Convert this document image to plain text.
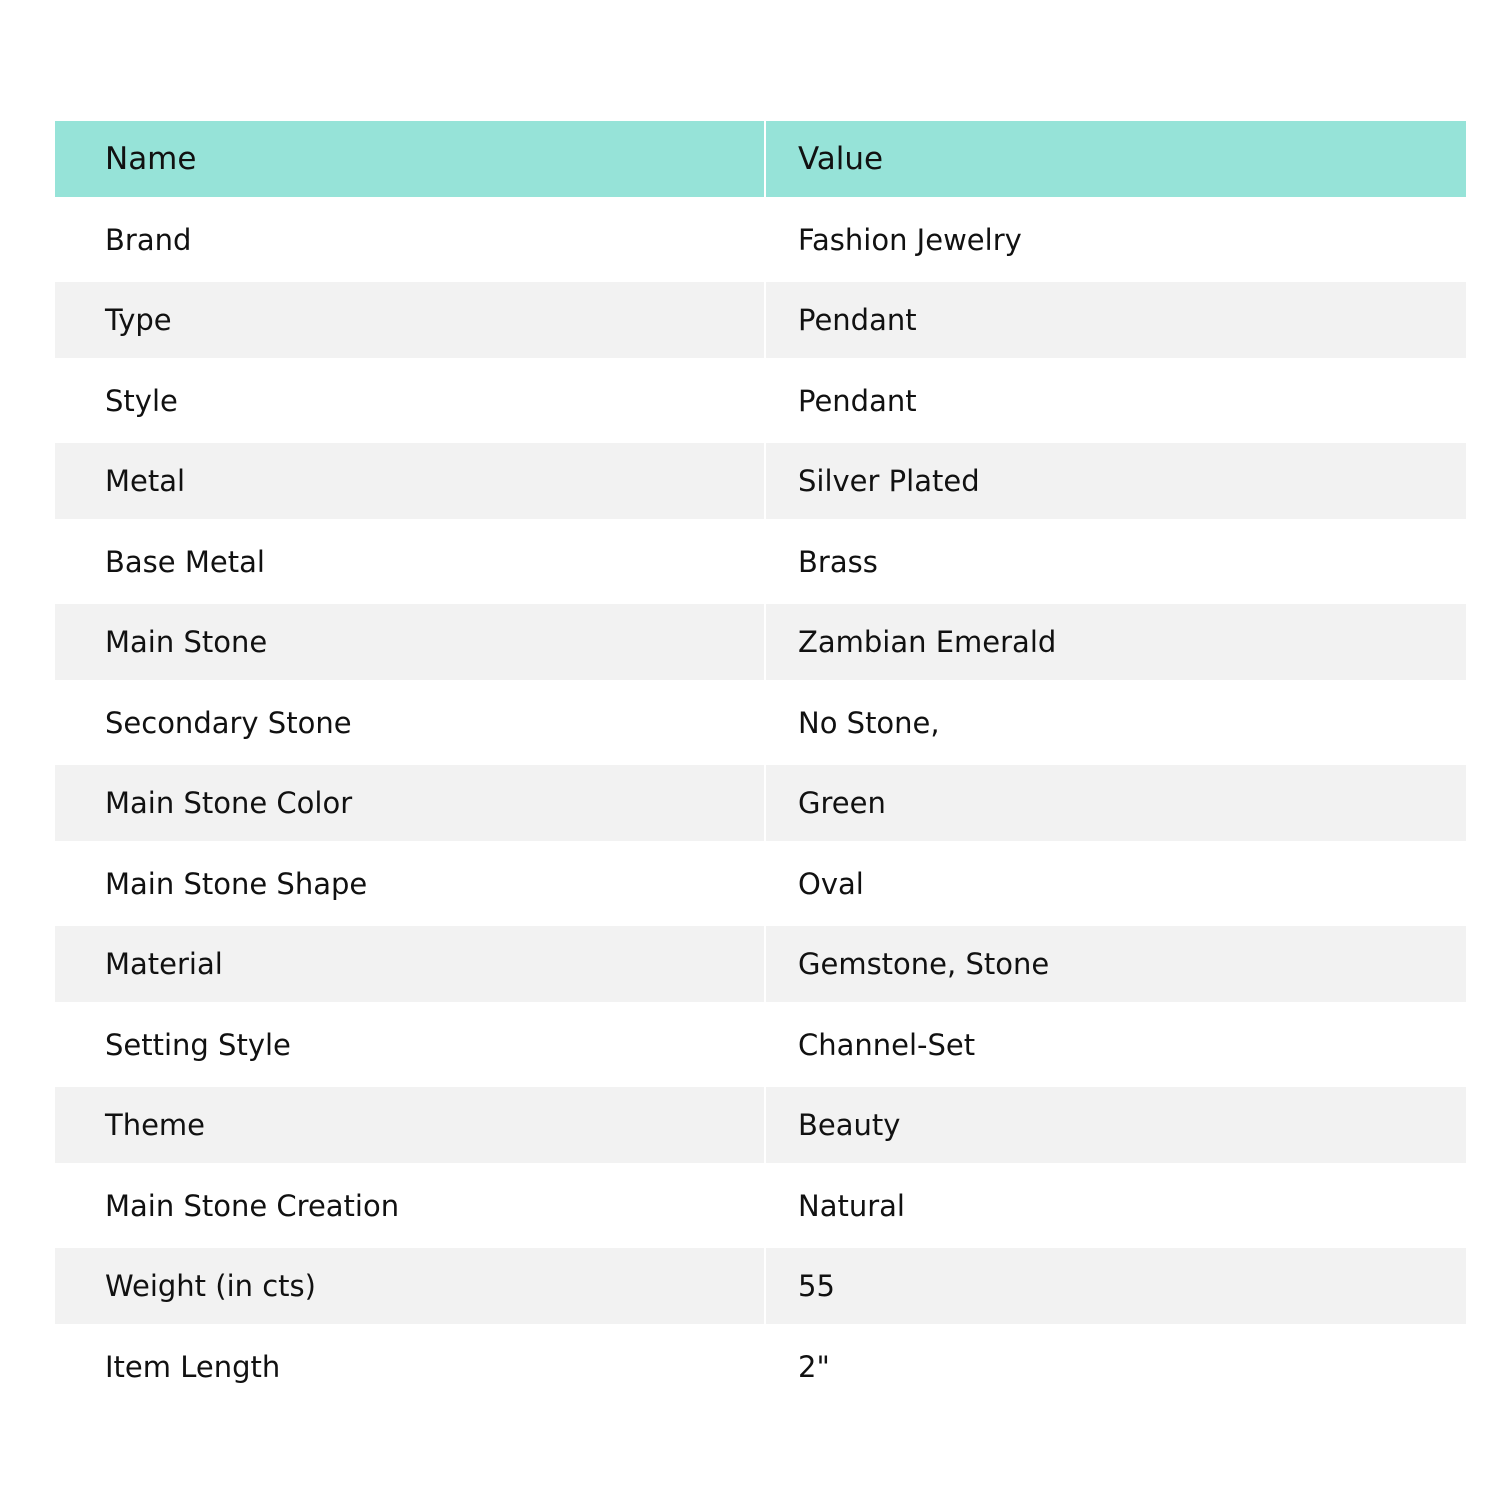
Name	Value
Brand	Fashion Jewelry
Type	Pendant
Style	Pendant
Metal	Silver Plated
Base Metal	Brass
Main Stone	Zambian Emerald
Secondary Stone	No Stone,
Main Stone Color	Green
Main Stone Shape	Oval
Material	Gemstone, Stone
Setting Style	Channel-Set
Theme	Beauty
Main Stone Creation	Natural
Weight (in cts)	55
Item Length	2"
